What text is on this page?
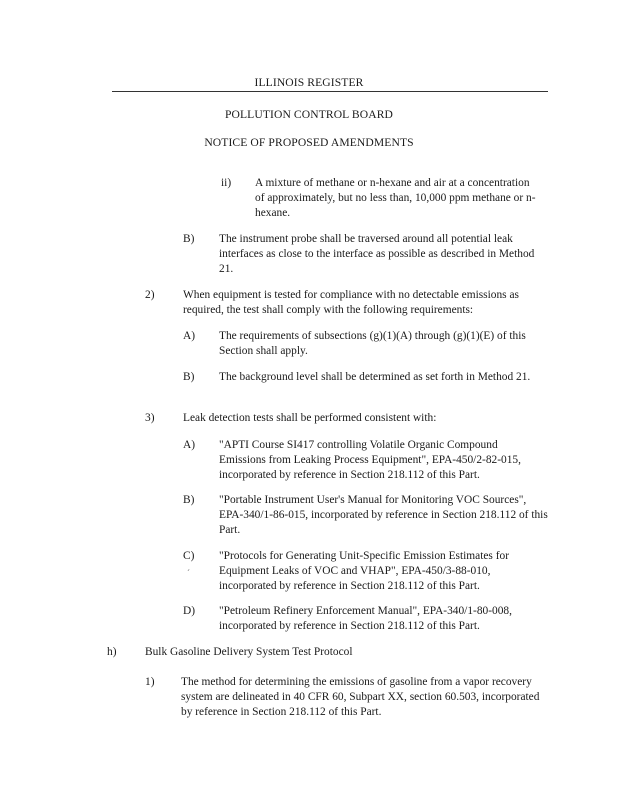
ILLINOIS REGISTER
POLLUTION CONTROL BOARD
NOTICE OF PROPOSED AMENDMENTS
ii) A mixture of methane or n-hexane and air at a concentration of approximately, but no less than, 10,000 ppm methane or n-hexane.
B) The instrument probe shall be traversed around all potential leak interfaces as close to the interface as possible as described in Method 21.
2)	When equipment is tested for compliance with no detectable emissions as required, the test shall comply with the following requirements:
A) The requirements of subsections (g)(1)(A) through (g)(1)(E) of this Section shall apply.
B) The background level shall be determined as set forth in Method 21.
3)	Leak detection tests shall be performed consistent with:
A) "APTI Course SI417 controlling Volatile Organic Compound Emissions from Leaking Process Equipment", EPA-450/2-82-015, incorporated by reference in Section 218.112 of this Part.
B) "Portable Instrument User's Manual for Monitoring VOC Sources", EPA-340/1-86-015, incorporated by reference in Section 218.112 of this Part.
C) "Protocols for Generating Unit-Specific Emission Estimates for Equipment Leaks of VOC and VHAP", EPA-450/3-88-010, incorporated by reference in Section 218.112 of this Part.
´
D) "Petroleum Refinery Enforcement Manual", EPA-340/1-80-008, incorporated by reference in Section 218.112 of this Part.
h)	Bulk Gasoline Delivery System Test Protocol
1) The method for determining the emissions of gasoline from a vapor recovery system are delineated in 40 CFR 60, Subpart XX, section 60.503, incorporated by reference in Section 218.112 of this Part.
